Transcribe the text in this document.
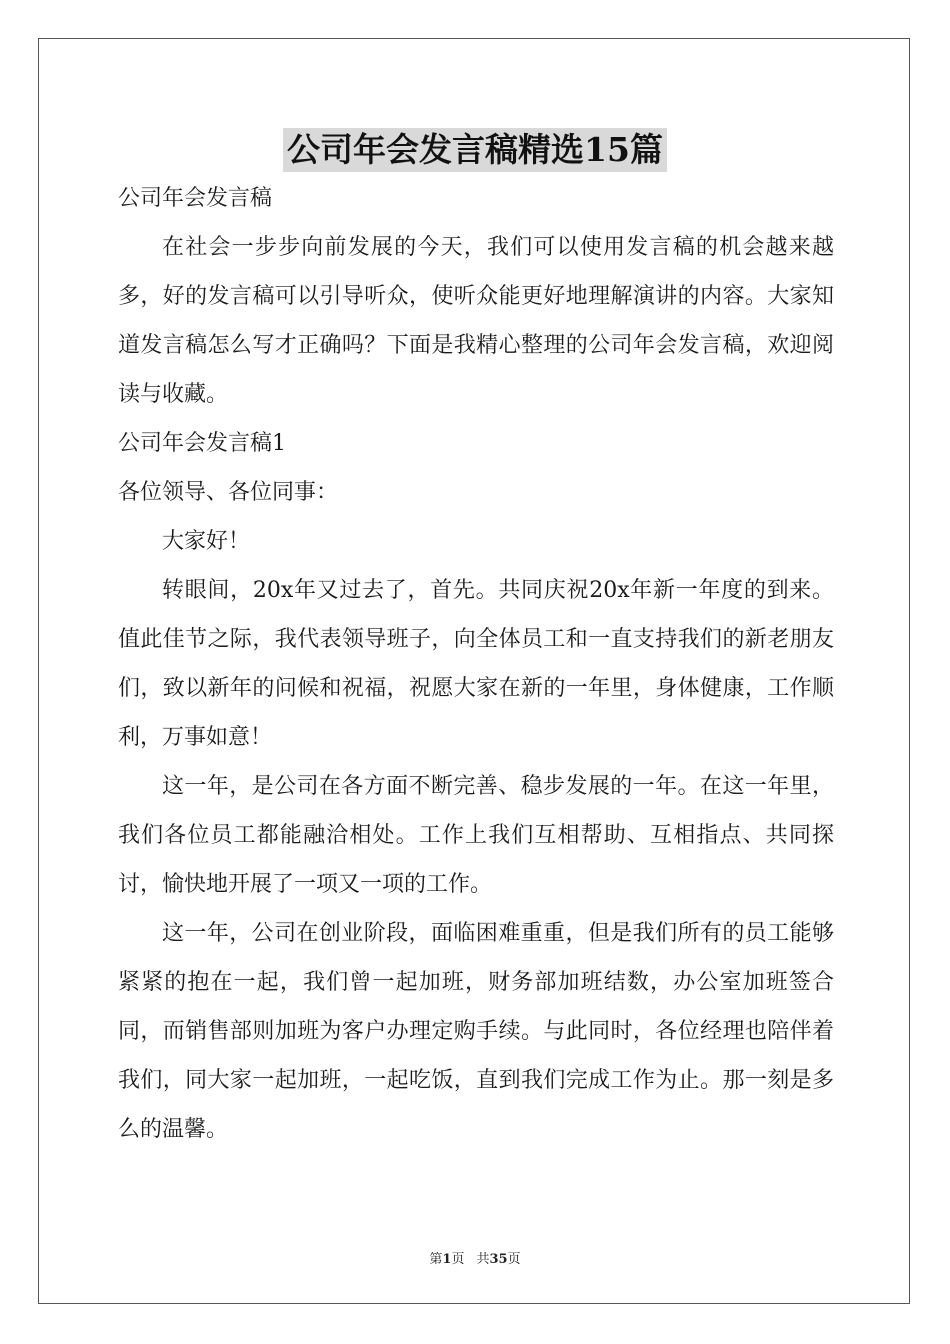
公司年会发言稿精选15篇

公司年会发言稿

在社会一步步向前发展的今天，我们可以使用发言稿的机会越来越多，好的发言稿可以引导听众，使听众能更好地理解演讲的内容。大家知道发言稿怎么写才正确吗？下面是我精心整理的公司年会发言稿，欢迎阅读与收藏。

公司年会发言稿1

各位领导、各位同事：

大家好！

转眼间，20x年又过去了，首先。共同庆祝20x年新一年度的到来。值此佳节之际，我代表领导班子，向全体员工和一直支持我们的新老朋友们，致以新年的问候和祝福，祝愿大家在新的一年里，身体健康，工作顺利，万事如意！

这一年，是公司在各方面不断完善、稳步发展的一年。在这一年里，我们各位员工都能融洽相处。工作上我们互相帮助、互相指点、共同探讨，愉快地开展了一项又一项的工作。

这一年，公司在创业阶段，面临困难重重，但是我们所有的员工能够紧紧的抱在一起，我们曾一起加班，财务部加班结数，办公室加班签合同，而销售部则加班为客户办理定购手续。与此同时，各位经理也陪伴着我们，同大家一起加班，一起吃饭，直到我们完成工作为止。那一刻是多么的温馨。

第1页 共35页
